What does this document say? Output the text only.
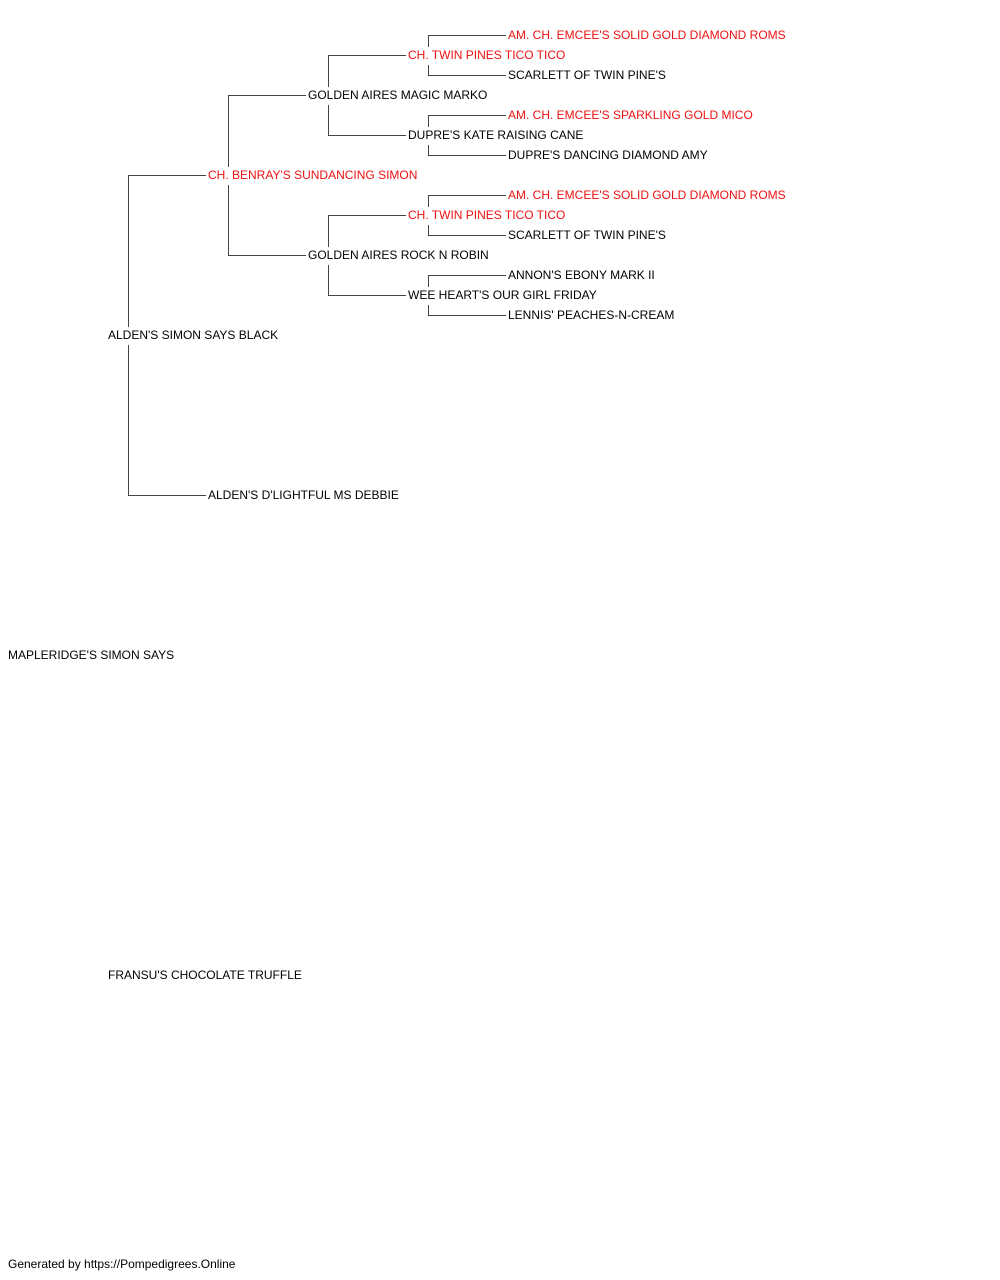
MAPLERIDGE'S SIMON SAYS
ALDEN'S SIMON SAYS BLACK
CH. BENRAY'S SUNDANCING SIMON
GOLDEN AIRES MAGIC MARKO
CH. TWIN PINES TICO TICO
AM. CH. EMCEE'S SOLID GOLD DIAMOND ROMS
SCARLETT OF TWIN PINE'S
DUPRE'S KATE RAISING CANE
AM. CH. EMCEE'S SPARKLING GOLD MICO
DUPRE'S DANCING DIAMOND AMY
GOLDEN AIRES ROCK N ROBIN
CH. TWIN PINES TICO TICO
AM. CH. EMCEE'S SOLID GOLD DIAMOND ROMS
SCARLETT OF TWIN PINE'S
WEE HEART'S OUR GIRL FRIDAY
ANNON'S EBONY MARK II
LENNIS' PEACHES-N-CREAM
ALDEN'S D'LIGHTFUL MS DEBBIE
FRANSU'S CHOCOLATE TRUFFLE
Generated by https://Pompedigrees.Online
